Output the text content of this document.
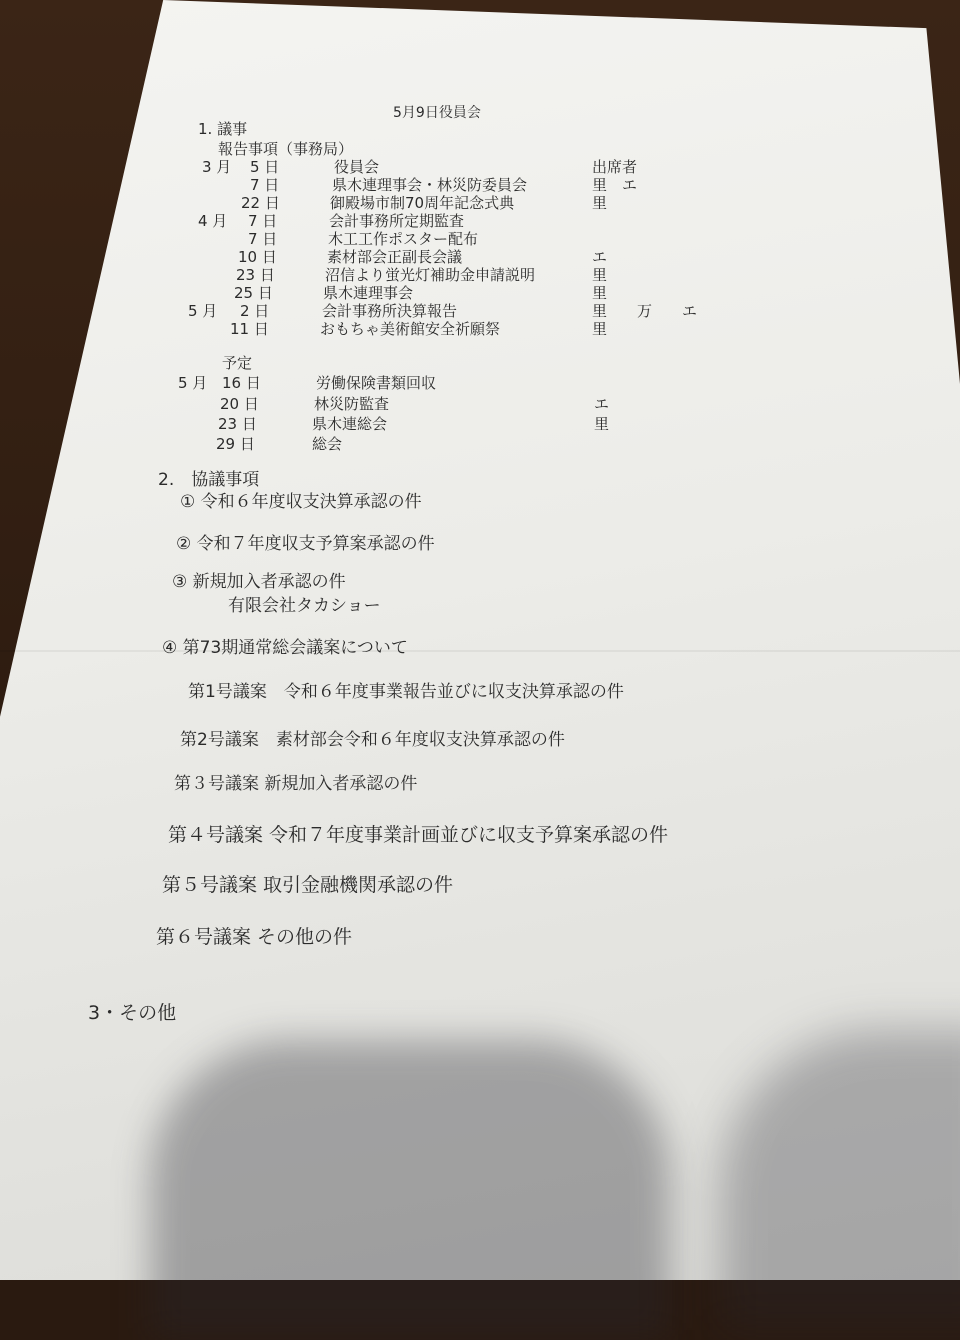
5月9日役員会
1. 議事
報告事項（事務局）
出席者
3 月 5 日	役員会
7 日	県木連理事会・林災防委員会	里　エ
22 日	御殿場市制70周年記念式典	里
4 月 7 日	会計事務所定期監査
7 日	木工工作ポスター配布
10 日	素材部会正副長会議	エ
23 日	沼信より蛍光灯補助金申請説明	里
25 日	県木連理事会	里
5 月 2 日	会計事務所決算報告	里　　万　　エ
11 日	おもちゃ美術館安全祈願祭	里
予定
5 月 16 日	労働保険書類回収
20 日	林災防監査	エ
23 日	県木連総会	里
29 日	総会
2.　協議事項
① 令和６年度収支決算承認の件
② 令和７年度収支予算案承認の件
③ 新規加入者承認の件
有限会社タカショー
④ 第73期通常総会議案について
第1号議案　令和６年度事業報告並びに収支決算承認の件
第2号議案　素材部会令和６年度収支決算承認の件
第３号議案 新規加入者承認の件
第４号議案 令和７年度事業計画並びに収支予算案承認の件
第５号議案 取引金融機関承認の件
第６号議案 その他の件
3・その他
